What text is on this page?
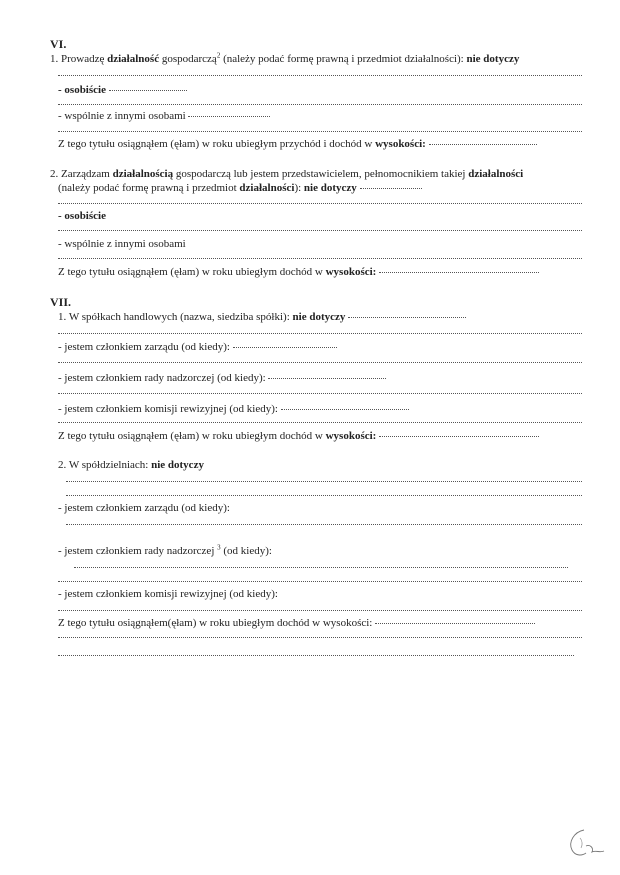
VI.
1. Prowadzę działalność gospodarczą$^2$ (należy podać formę prawną i przedmiot działalności): nie dotyczy
- osobiście
- wspólnie z innymi osobami
Z tego tytułu osiągnąłem (ęłam) w roku ubiegłym przychód i dochód w wysokości:
2. Zarządzam działalnością gospodarczą lub jestem przedstawicielem, pełnomocnikiem takiej działalności
(należy podać formę prawną i przedmiot działalności): nie dotyczy
- osobiście
- wspólnie z innymi osobami
Z tego tytułu osiągnąłem (ęłam) w roku ubiegłym dochód w wysokości:
VII.
1. W spółkach handlowych (nazwa, siedziba spółki): nie dotyczy
- jestem członkiem zarządu (od kiedy):
- jestem członkiem rady nadzorczej (od kiedy):
- jestem członkiem komisji rewizyjnej (od kiedy):
Z tego tytułu osiągnąłem (ęłam) w roku ubiegłym dochód w wysokości:
2. W spółdzielniach: nie dotyczy
- jestem członkiem zarządu (od kiedy):
- jestem członkiem rady nadzorczej $^3$ (od kiedy):
- jestem członkiem komisji rewizyjnej (od kiedy):
Z tego tytułu osiągnąłem(ęłam) w roku ubiegłym dochód w wysokości:
